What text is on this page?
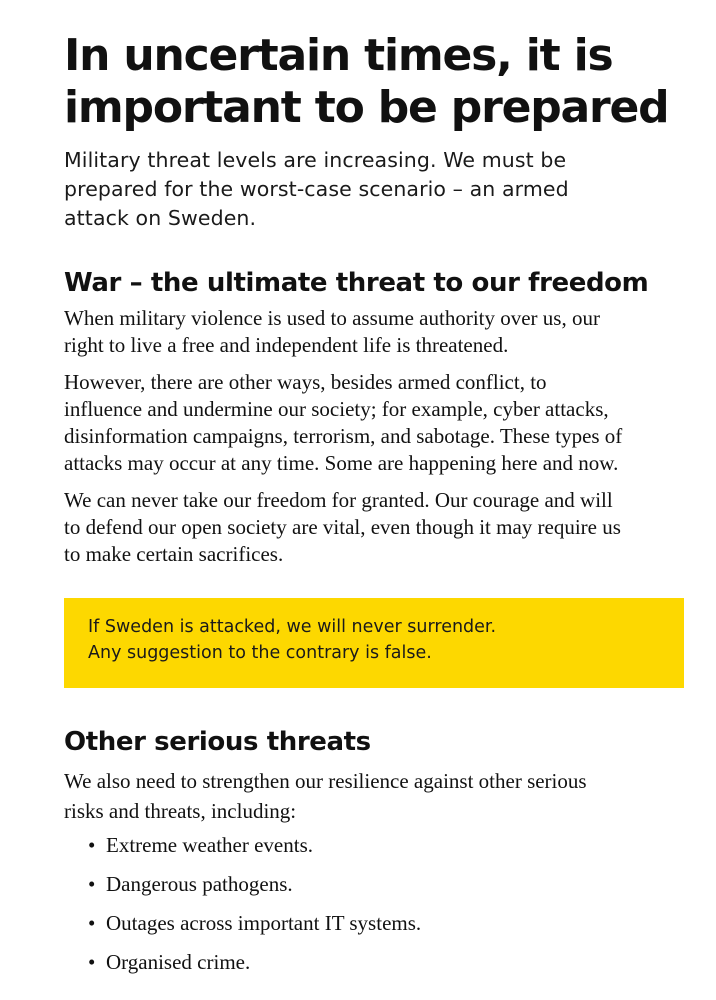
In uncertain times, it is
important to be prepared
Military threat levels are increasing. We must be
prepared for the worst-case scenario – an armed
attack on Sweden.
War – the ultimate threat to our freedom
When military violence is used to assume authority over us, our
right to live a free and independent life is threatened.
However, there are other ways, besides armed conflict, to
influence and undermine our society; for example, cyber attacks,
disinformation campaigns, terrorism, and sabotage. These types of
attacks may occur at any time. Some are happening here and now.
We can never take our freedom for granted. Our courage and will
to defend our open society are vital, even though it may require us
to make certain sacrifices.
If Sweden is attacked, we will never surrender.
Any suggestion to the contrary is false.
Other serious threats
We also need to strengthen our resilience against other serious
risks and threats, including:
• Extreme weather events.
• Dangerous pathogens.
• Outages across important IT systems.
• Organised crime.
